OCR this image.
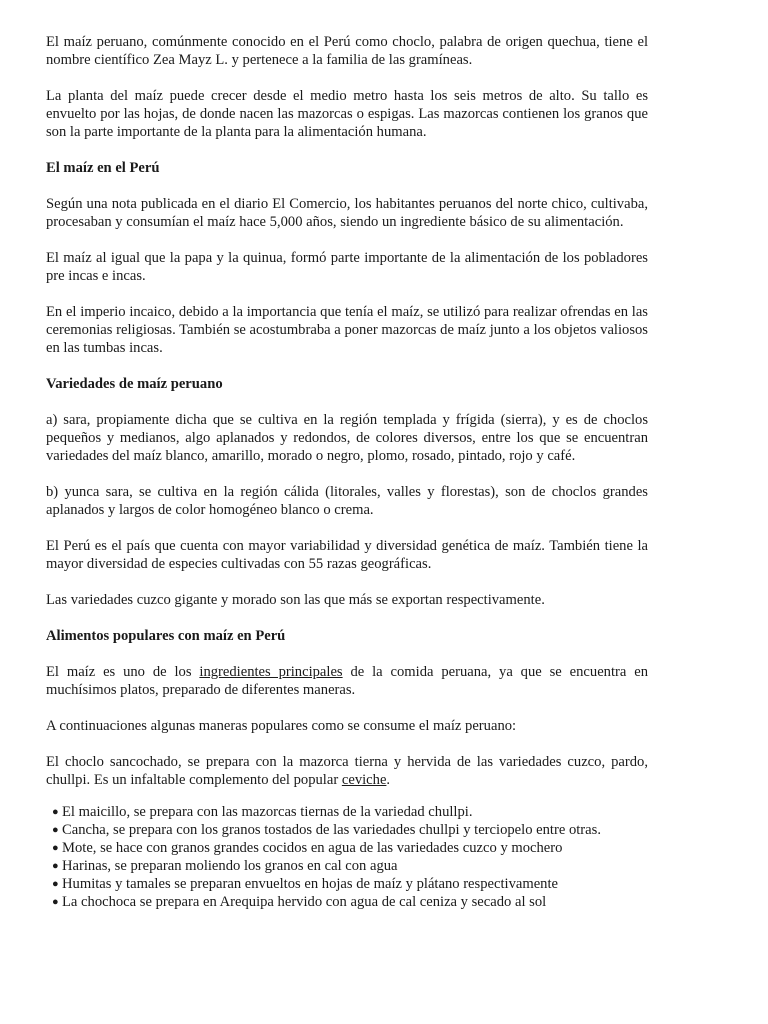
El maíz peruano, comúnmente conocido en el Perú como choclo, palabra de origen quechua, tiene el nombre científico Zea Mayz L. y pertenece a la familia de las gramíneas.

La planta del maíz puede crecer desde el medio metro hasta los seis metros de alto. Su tallo es envuelto por las hojas, de donde nacen las mazorcas o espigas. Las mazorcas contienen los granos que son la parte importante de la planta para la alimentación humana.

El maíz en el Perú

Según una nota publicada en el diario El Comercio, los habitantes peruanos del norte chico, cultivaba, procesaban y consumían el maíz hace 5,000 años, siendo un ingrediente básico de su alimentación.

El maíz al igual que la papa y la quinua, formó parte importante de la alimentación de los pobladores pre incas e incas.

En el imperio incaico, debido a la importancia que tenía el maíz, se utilizó para realizar ofrendas en las ceremonias religiosas. También se acostumbraba a poner mazorcas de maíz junto a los objetos valiosos en las tumbas incas.

Variedades de maíz peruano

a) sara, propiamente dicha que se cultiva en la región templada y frígida (sierra), y es de choclos pequeños y medianos, algo aplanados y redondos, de colores diversos, entre los que se encuentran variedades del maíz blanco, amarillo, morado o negro, plomo, rosado, pintado, rojo y café.

b) yunca sara, se cultiva en la región cálida (litorales, valles y florestas), son de choclos grandes aplanados y largos de color homogéneo blanco o crema.

El Perú es el país que cuenta con mayor variabilidad y diversidad genética de maíz. También tiene la mayor diversidad de especies cultivadas con 55 razas geográficas.

Las variedades cuzco gigante y morado son las que más se exportan respectivamente.

Alimentos populares con maíz en Perú

El maíz es uno de los ingredientes principales de la comida peruana, ya que se encuentra en muchísimos platos, preparado de diferentes maneras.

A continuaciones algunas maneras populares como se consume el maíz peruano:

El choclo sancochado, se prepara con la mazorca tierna y hervida de las variedades cuzco, pardo, chullpi. Es un infaltable complemento del popular ceviche.

● El maicillo, se prepara con las mazorcas tiernas de la variedad chullpi.
● Cancha, se prepara con los granos tostados de las variedades chullpi y terciopelo entre otras.
● Mote, se hace con granos grandes cocidos en agua de las variedades cuzco y mochero
● Harinas, se preparan moliendo los granos en cal con agua
● Humitas y tamales se preparan envueltos en hojas de maíz y plátano respectivamente
● La chochoca se prepara en Arequipa hervido con agua de cal ceniza y secado al sol
